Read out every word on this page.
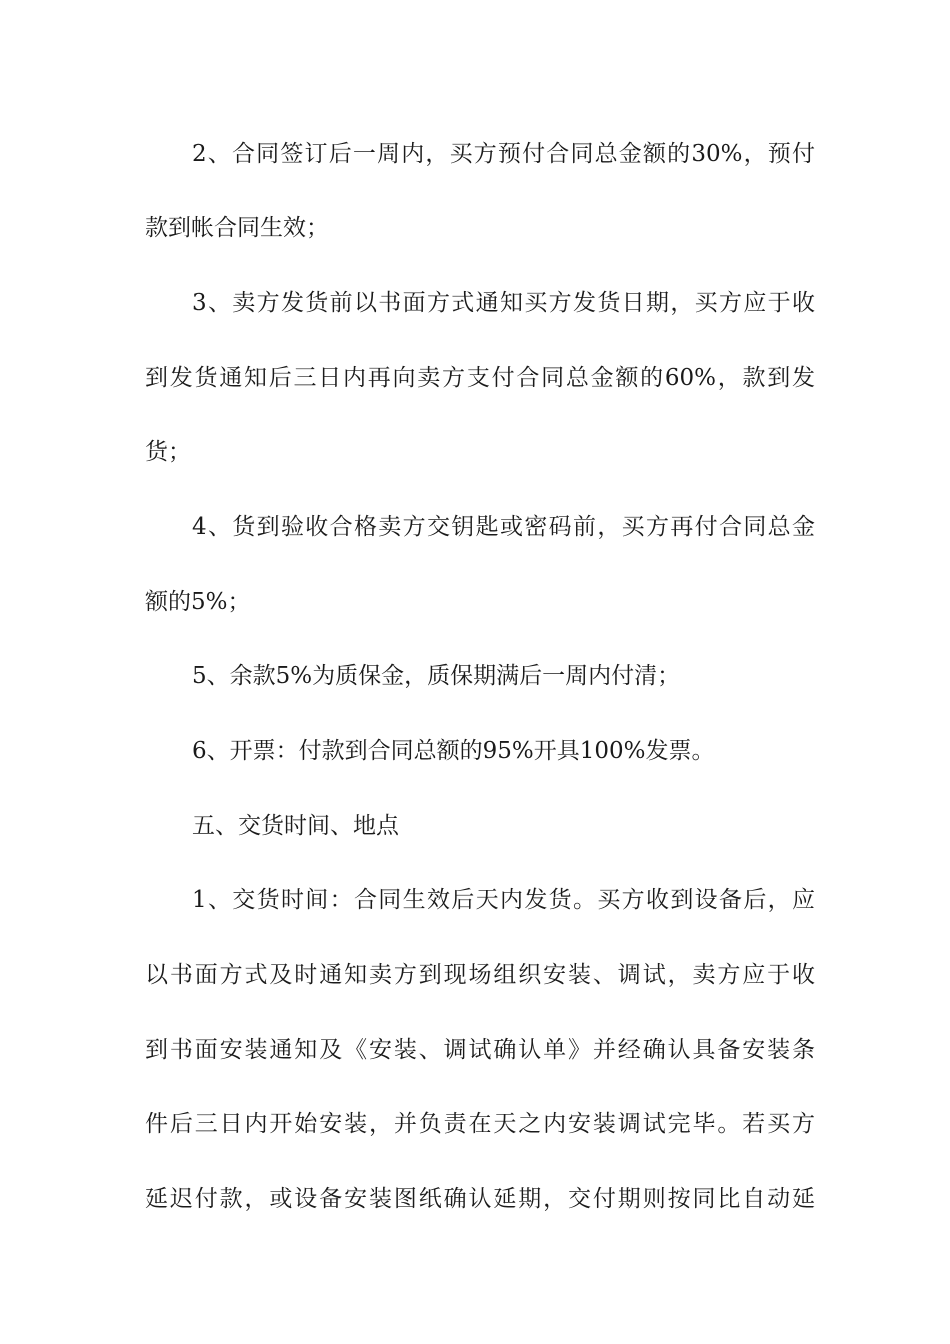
2、合同签订后一周内，买方预付合同总金额的30%，预付
款到帐合同生效；
3、卖方发货前以书面方式通知买方发货日期，买方应于收
到发货通知后三日内再向卖方支付合同总金额的60%，款到发
货；
4、货到验收合格卖方交钥匙或密码前，买方再付合同总金
额的5%；
5、余款5%为质保金，质保期满后一周内付清；
6、开票：付款到合同总额的95%开具100%发票。
五、交货时间、地点
1、交货时间：合同生效后天内发货。买方收到设备后，应
以书面方式及时通知卖方到现场组织安装、调试，卖方应于收
到书面安装通知及《安装、调试确认单》并经确认具备安装条
件后三日内开始安装，并负责在天之内安装调试完毕。若买方
延迟付款，或设备安装图纸确认延期，交付期则按同比自动延
